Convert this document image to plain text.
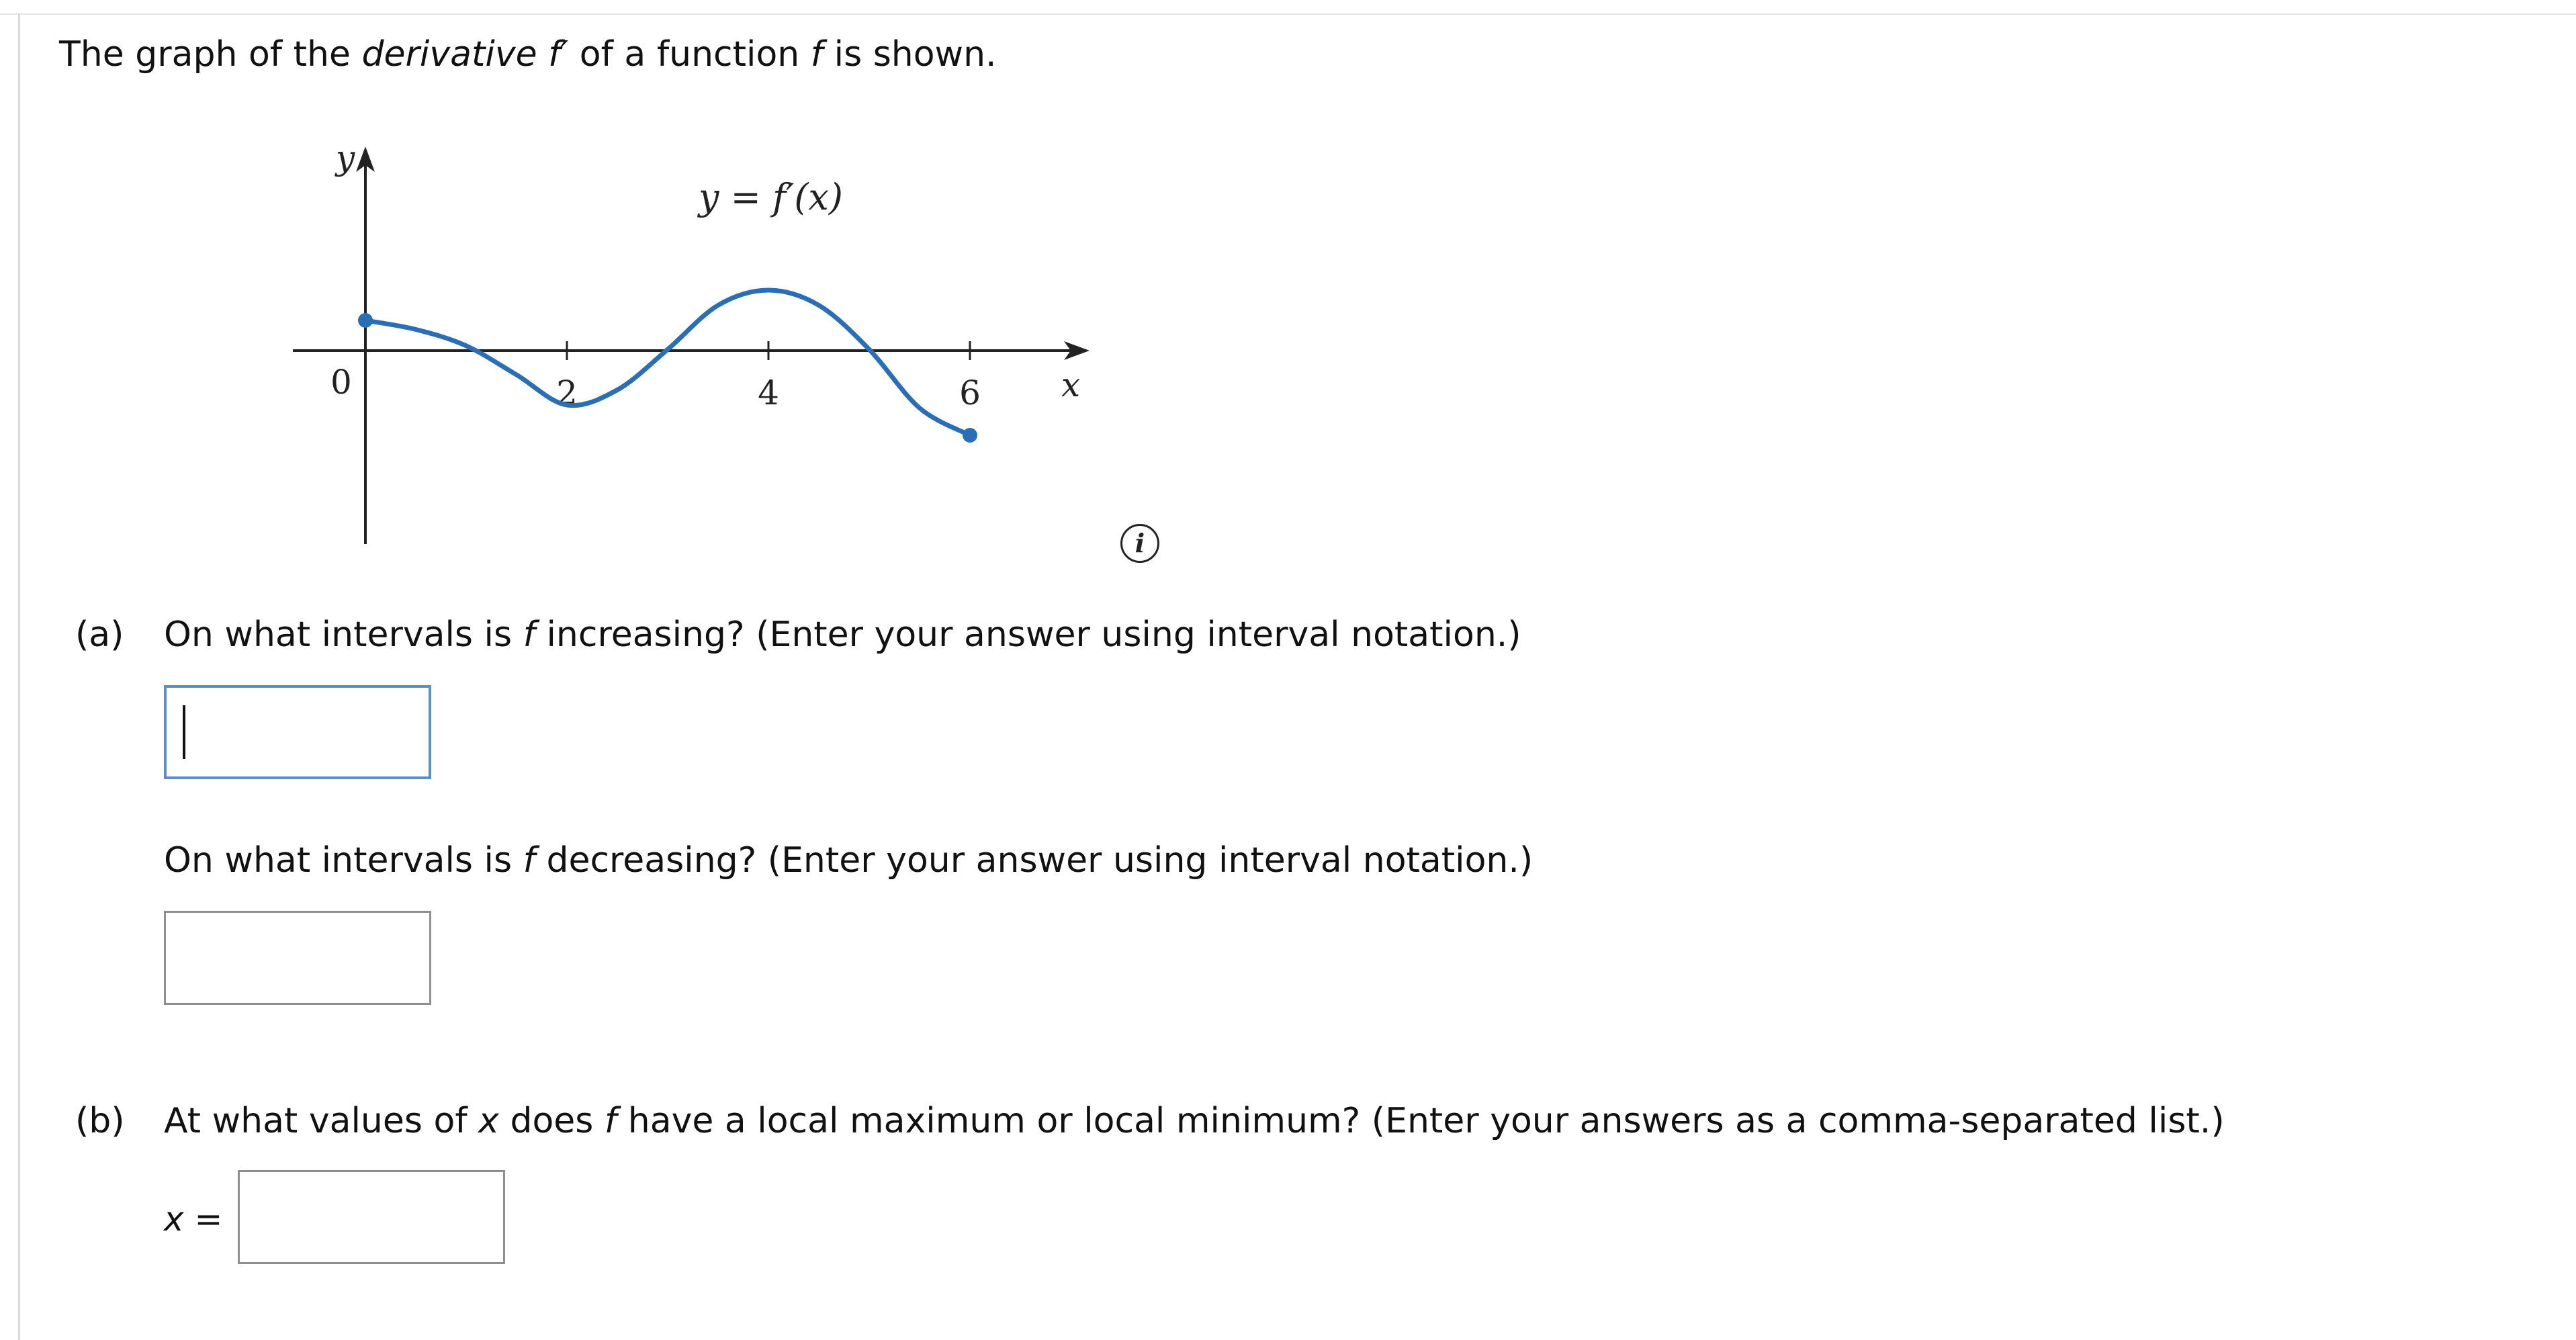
The graph of the derivative f′ of a function f is shown.
y
x
0	2	4	6
y = f′(x)
i
(a) On what intervals is f increasing? (Enter your answer using interval notation.)
On what intervals is f decreasing? (Enter your answer using interval notation.)
(b) At what values of x does f have a local maximum or local minimum? (Enter your answers as a comma-separated list.)
x =
